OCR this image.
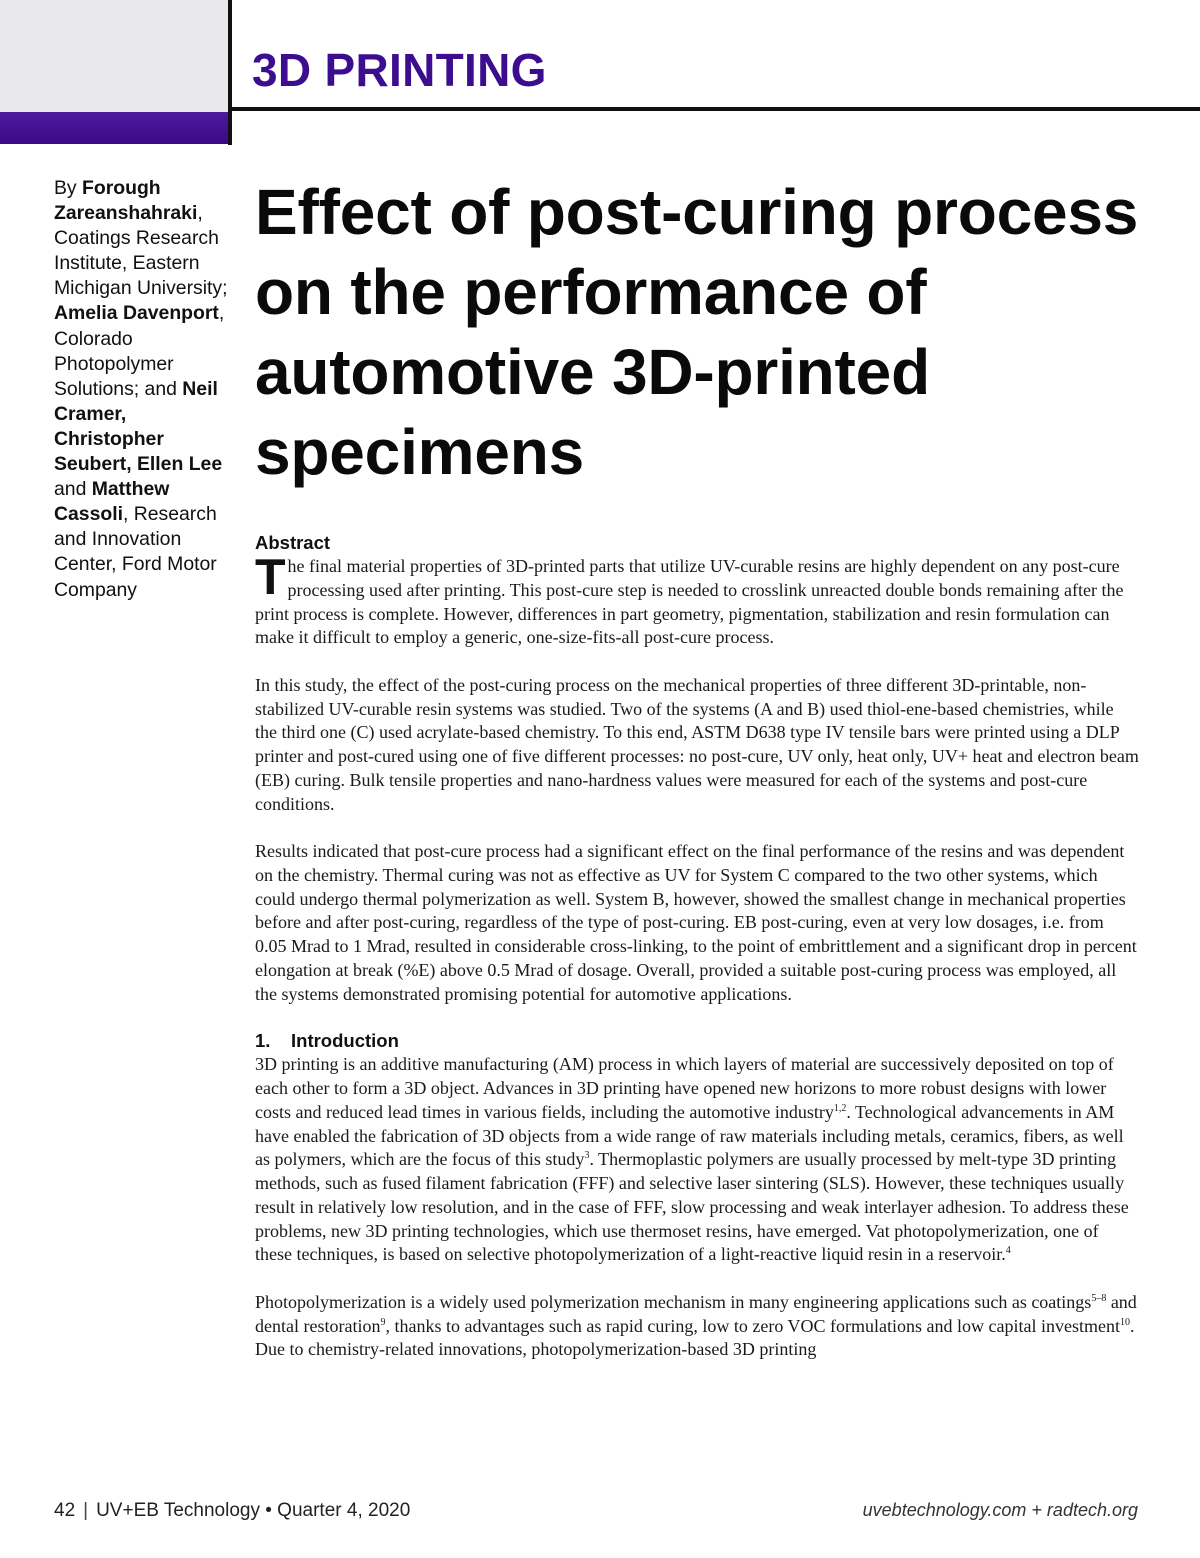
3D PRINTING

By Forough Zareanshahraki, Coatings Research Institute, Eastern Michigan University; Amelia Davenport, Colorado Photopolymer Solutions; and Neil Cramer, Christopher Seubert, Ellen Lee and Matthew Cassoli, Research and Innovation Center, Ford Motor Company

Effect of post-curing process on the performance of automotive 3D-printed specimens
Abstract

The final material properties of 3D-printed parts that utilize UV-curable resins are highly dependent on any post-cure processing used after printing. This post-cure step is needed to crosslink unreacted double bonds remaining after the print process is complete. However, differences in part geometry, pigmentation, stabilization and resin formulation can make it difficult to employ a generic, one-size-fits-all post-cure process.

In this study, the effect of the post-curing process on the mechanical properties of three different 3D-printable, non-stabilized UV-curable resin systems was studied. Two of the systems (A and B) used thiol-ene-based chemistries, while the third one (C) used acrylate-based chemistry. To this end, ASTM D638 type IV tensile bars were printed using a DLP printer and post-cured using one of five different processes: no post-cure, UV only, heat only, UV+ heat and electron beam (EB) curing. Bulk tensile properties and nano-hardness values were measured for each of the systems and post-cure conditions.

Results indicated that post-cure process had a significant effect on the final performance of the resins and was dependent on the chemistry. Thermal curing was not as effective as UV for System C compared to the two other systems, which could undergo thermal polymerization as well. System B, however, showed the smallest change in mechanical properties before and after post-curing, regardless of the type of post-curing. EB post-curing, even at very low dosages, i.e. from 0.05 Mrad to 1 Mrad, resulted in considerable cross-linking, to the point of embrittlement and a significant drop in percent elongation at break (%E) above 0.5 Mrad of dosage. Overall, provided a suitable post-curing process was employed, all the systems demonstrated promising potential for automotive applications.

1. Introduction

3D printing is an additive manufacturing (AM) process in which layers of material are successively deposited on top of each other to form a 3D object. Advances in 3D printing have opened new horizons to more robust designs with lower costs and reduced lead times in various fields, including the automotive industry$^{1,2}$. Technological advancements in AM have enabled the fabrication of 3D objects from a wide range of raw materials including metals, ceramics, fibers, as well as polymers, which are the focus of this study$^3$. Thermoplastic polymers are usually processed by melt-type 3D printing methods, such as fused filament fabrication (FFF) and selective laser sintering (SLS). However, these techniques usually result in relatively low resolution, and in the case of FFF, slow processing and weak interlayer adhesion. To address these problems, new 3D printing technologies, which use thermoset resins, have emerged. Vat photopolymerization, one of these techniques, is based on selective photopolymerization of a light-reactive liquid resin in a reservoir.$^4$

Photopolymerization is a widely used polymerization mechanism in many engineering applications such as coatings$^{5-8}$ and dental restoration$^9$, thanks to advantages such as rapid curing, low to zero VOC formulations and low capital investment$^{10}$. Due to chemistry-related innovations, photopolymerization-based 3D printing

42 | UV+EB Technology • Quarter 4, 2020	uvebtechnology.com + radtech.org
